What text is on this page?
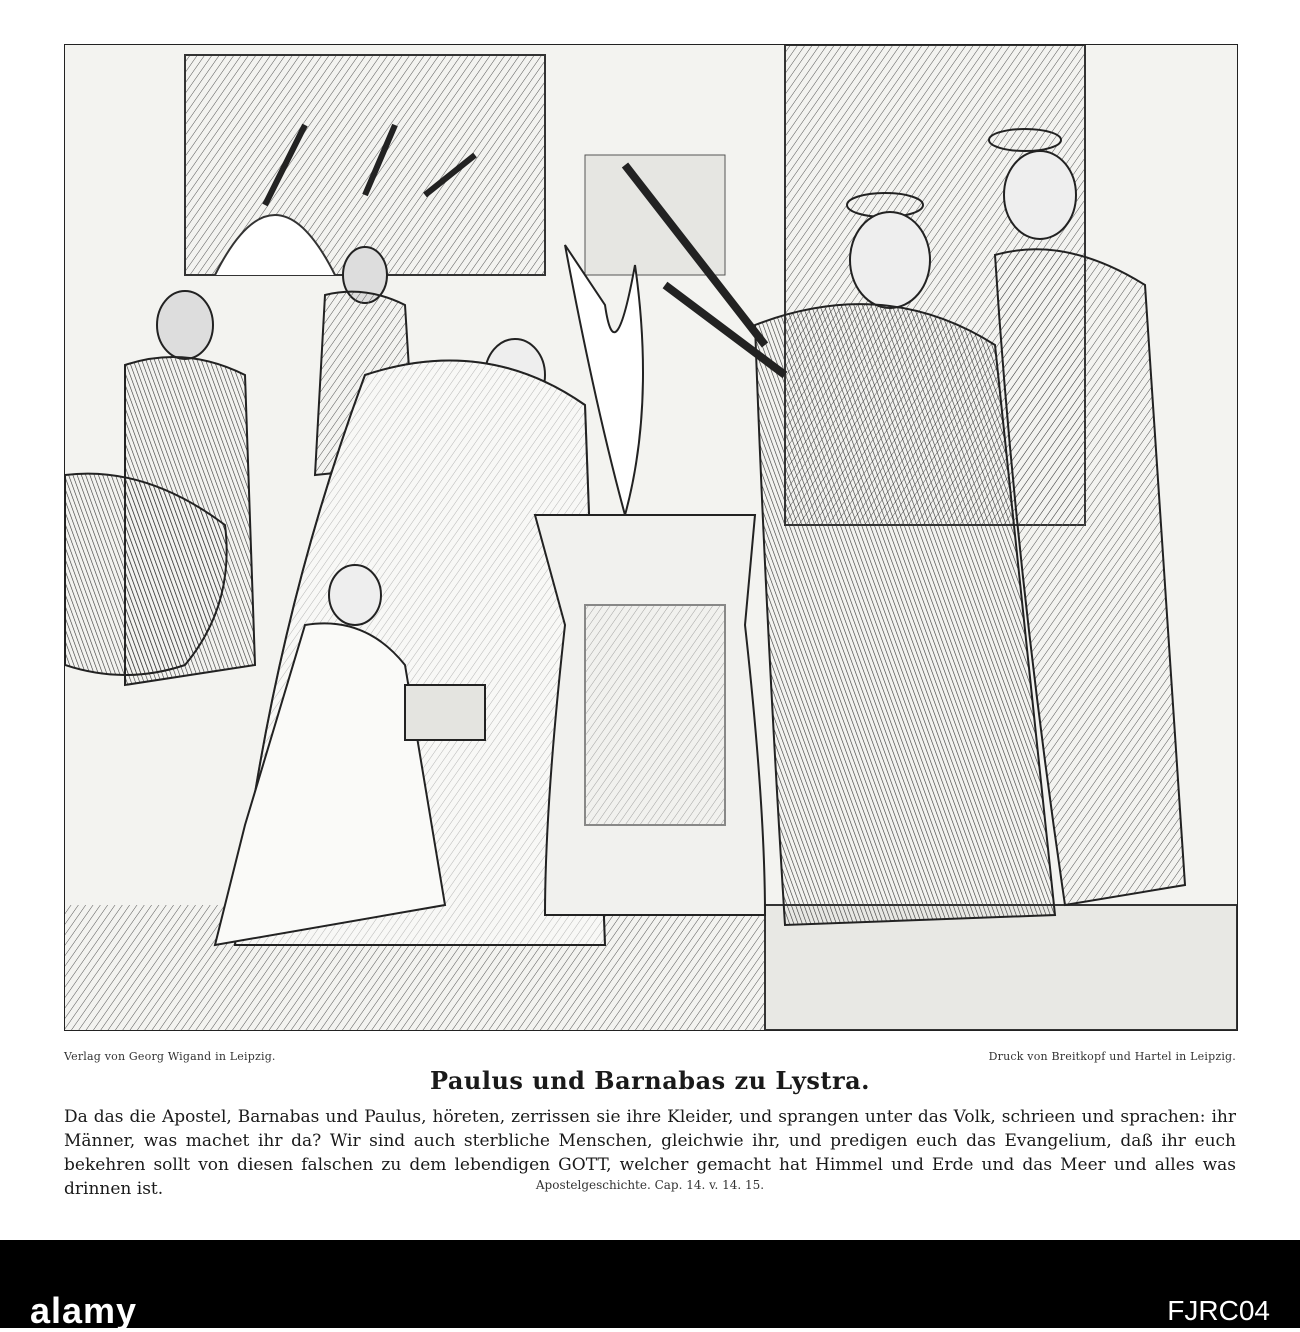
Verlag von Georg Wigand in Leipzig.	Druck von Breitkopf und Hartel in Leipzig.
Paulus und Barnabas zu Lystra.
Da das die Apostel, Barnabas und Paulus, höreten, zerrissen sie ihre Kleider, und sprangen unter das Volk, schrieen und sprachen: ihr Männer, was machet ihr da? Wir sind auch sterbliche Menschen, gleichwie ihr, und predigen euch das Evangelium, daß ihr euch bekehren sollt von diesen falschen zu dem lebendigen GOTT, welcher gemacht hat Himmel und Erde und das Meer und alles was drinnen ist.	Apostelgeschichte. Cap. 14. v. 14. 15.
alamy	FJRC04
